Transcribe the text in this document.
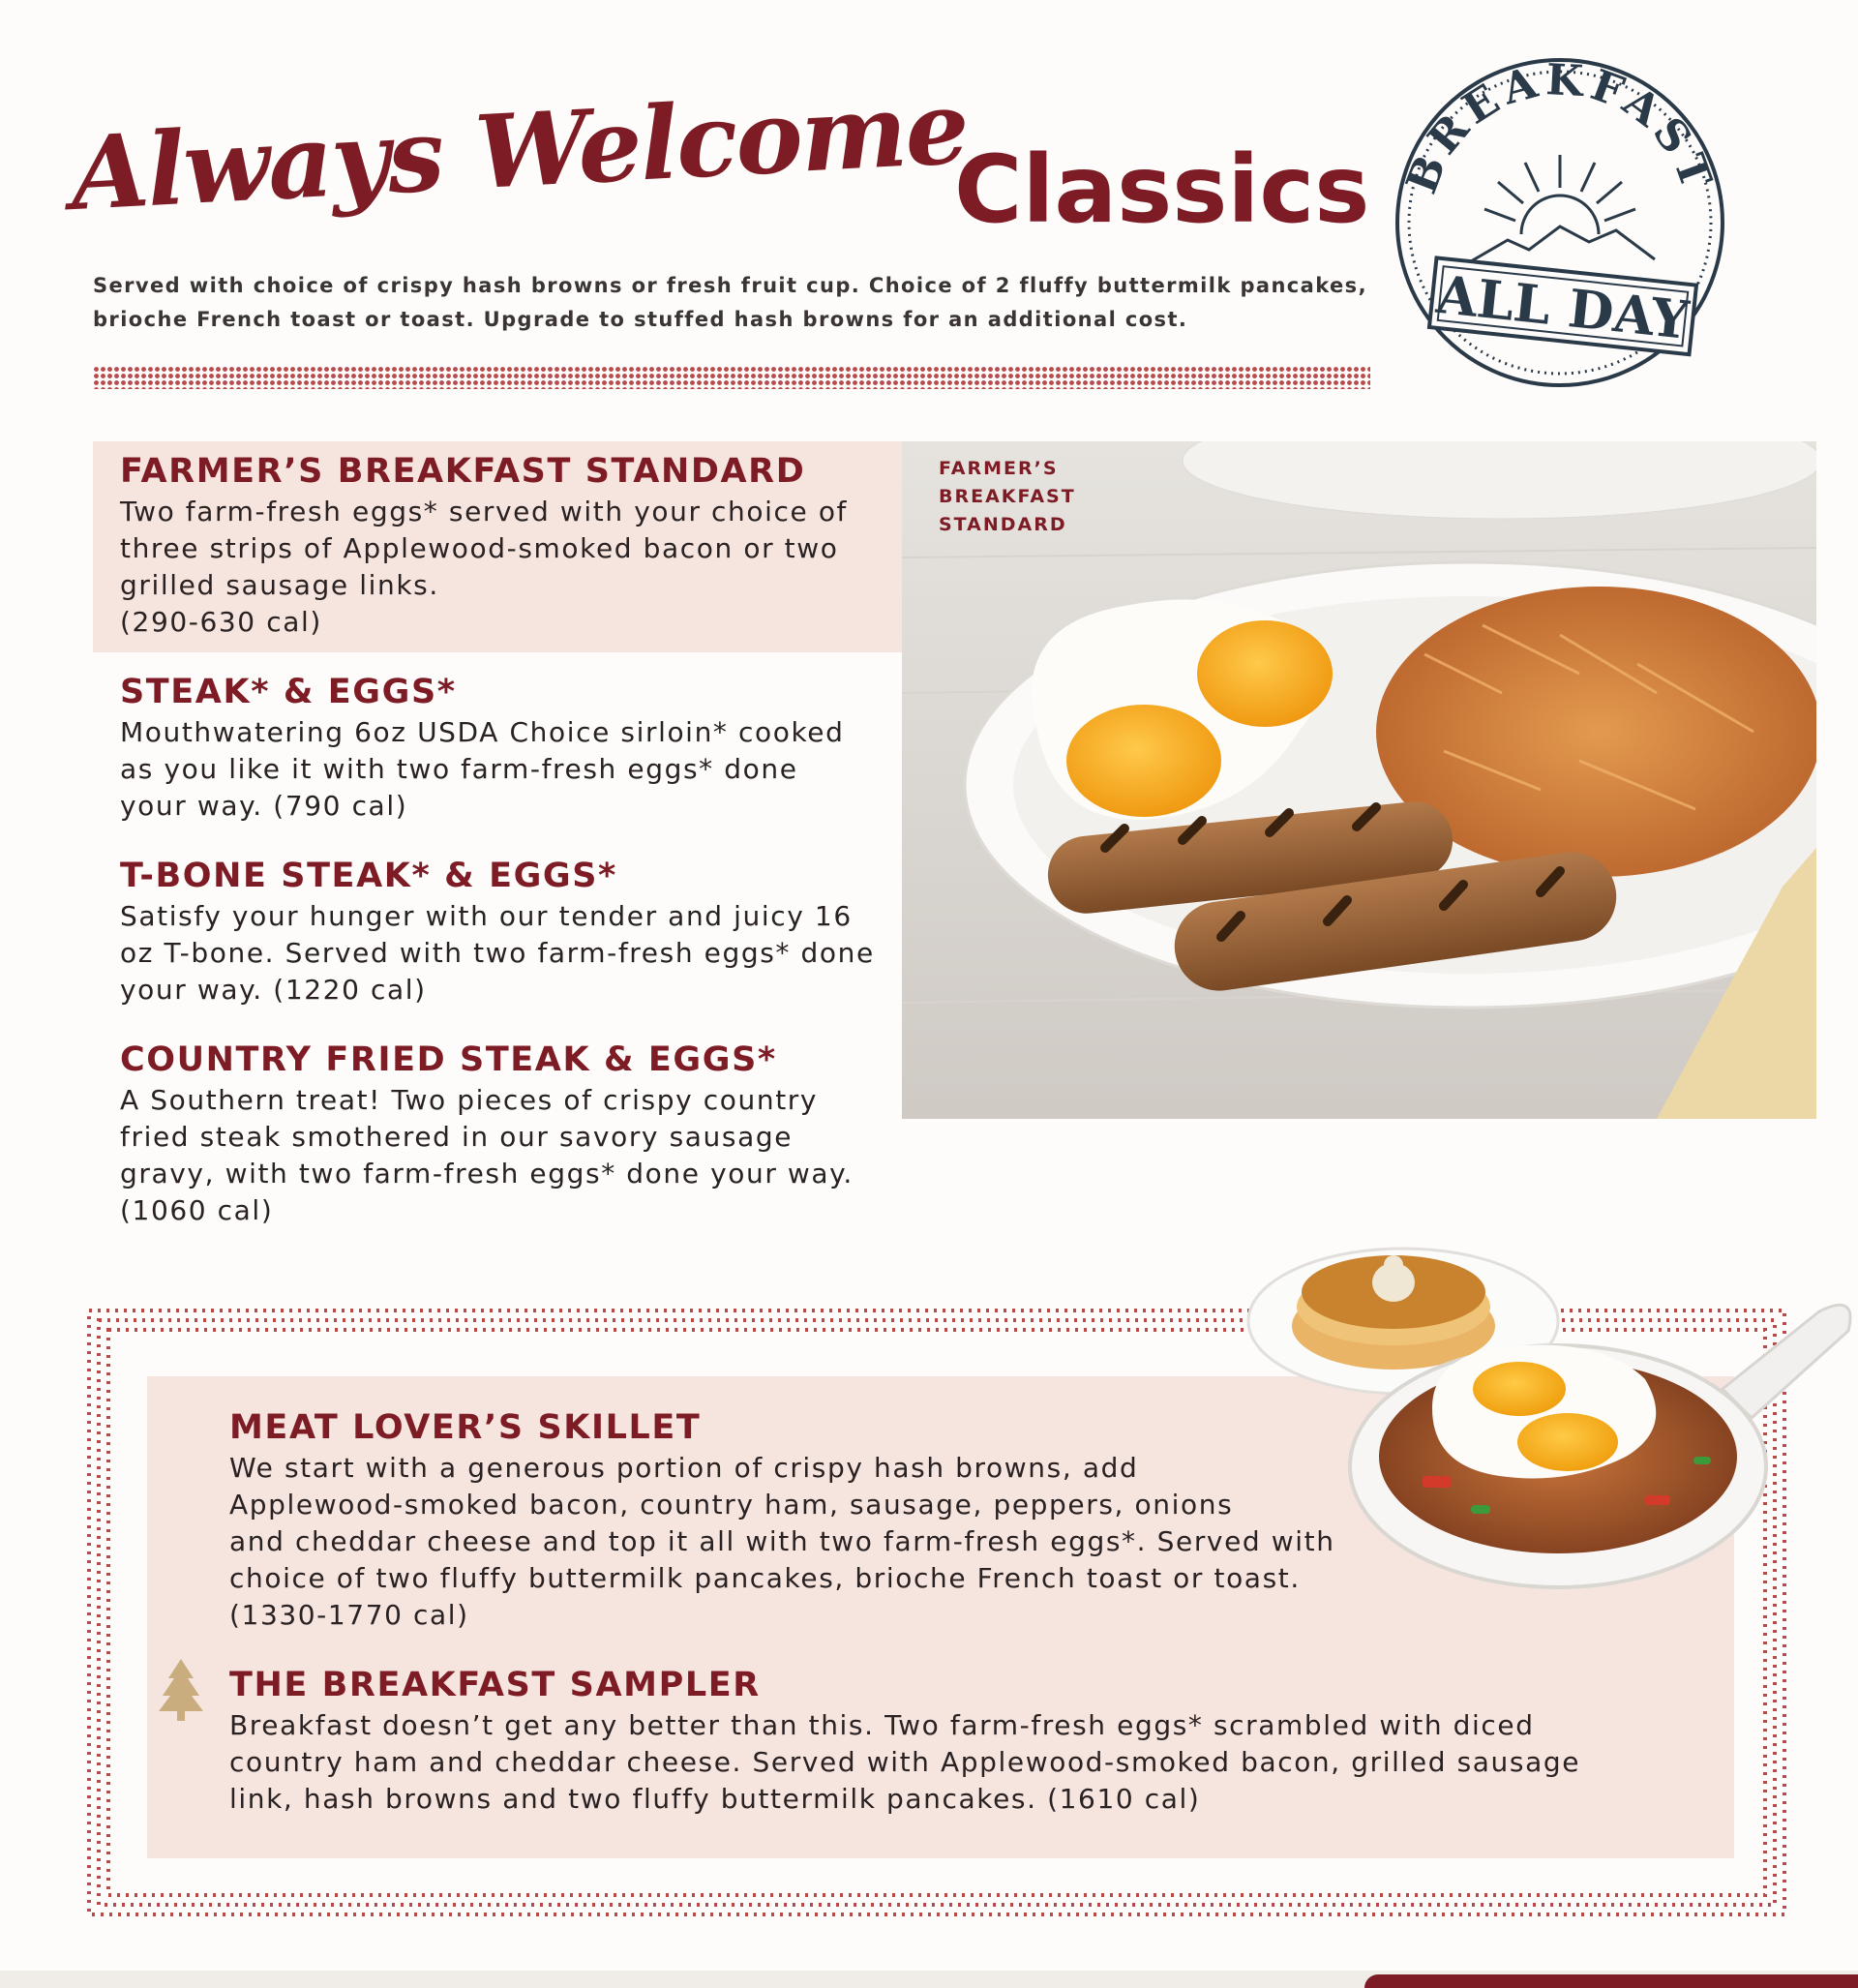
Always Welcome
Classics
Served with choice of crispy hash browns or fresh fruit cup. Choice of 2 fluffy buttermilk pancakes, brioche French toast or toast. Upgrade to stuffed hash browns for an additional cost.
BREAKFAST
ALL DAY
FARMER’S BREAKFAST STANDARD

Two farm-fresh eggs* served with your choice of three strips of Applewood-smoked bacon or two grilled sausage links.

(290-630 cal)

STEAK* & EGGS*

Mouthwatering 6oz USDA Choice sirloin* cooked as you like it with two farm-fresh eggs* done your way. (790 cal)

T-BONE STEAK* & EGGS*

Satisfy your hunger with our tender and juicy 16 oz T-bone. Served with two farm-fresh eggs* done your way. (1220 cal)

COUNTRY FRIED STEAK & EGGS*

A Southern treat! Two pieces of crispy country fried steak smothered in our savory sausage gravy, with two farm-fresh eggs* done your way. (1060 cal)

FARMER’S
BREAKFAST
STANDARD
MEAT LOVER’S SKILLET

We start with a generous portion of crispy hash browns, add

Applewood-smoked bacon, country ham, sausage, peppers, onions

and cheddar cheese and top it all with two farm-fresh eggs*. Served with

choice of two fluffy buttermilk pancakes, brioche French toast or toast.

(1330-1770 cal)

THE BREAKFAST SAMPLER

Breakfast doesn’t get any better than this. Two farm-fresh eggs* scrambled with diced

country ham and cheddar cheese. Served with Applewood-smoked bacon, grilled sausage

link, hash browns and two fluffy buttermilk pancakes. (1610 cal)
